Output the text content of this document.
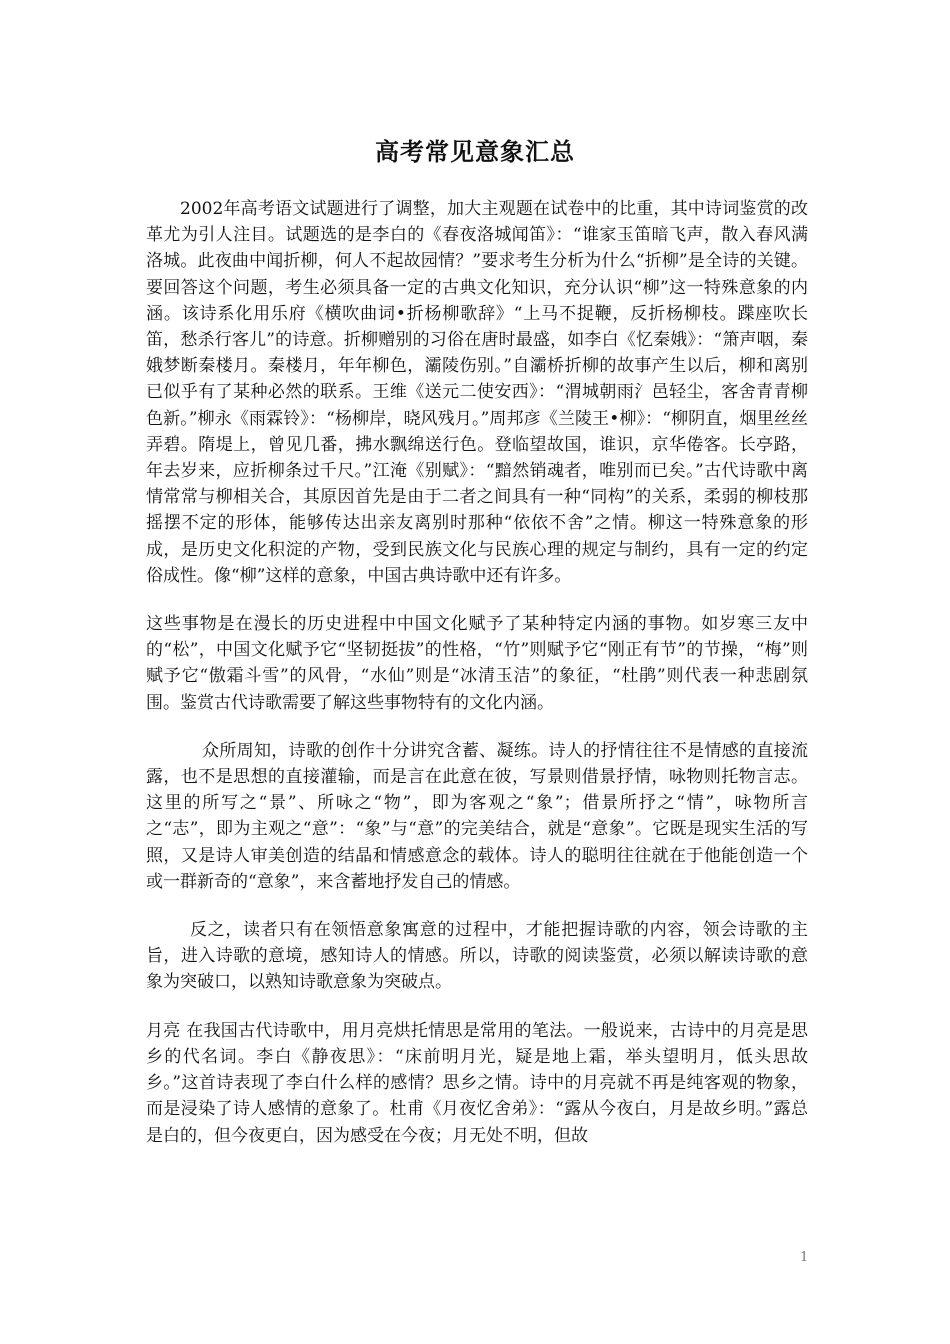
高考常见意象汇总

2002年高考语文试题进行了调整，加大主观题在试卷中的比重，其中诗词鉴赏的改革尤为引人注目。试题选的是李白的《春夜洛城闻笛》：“谁家玉笛暗飞声，散入春风满洛城。此夜曲中闻折柳，何人不起故园情？”要求考生分析为什么“折柳”是全诗的关键。要回答这个问题，考生必须具备一定的古典文化知识，充分认识“柳”这一特殊意象的内涵。该诗系化用乐府《横吹曲词•折杨柳歌辞》“上马不捉鞭，反折杨柳枝。蹀座吹长笛，愁杀行客儿”的诗意。折柳赠别的习俗在唐时最盛，如李白《忆秦娥》：“箫声咽，秦娥梦断秦楼月。秦楼月，年年柳色，灞陵伤别。”自灞桥折柳的故事产生以后，柳和离别已似乎有了某种必然的联系。王维《送元二使安西》：“渭城朝雨氵邑轻尘，客舍青青柳色新。”柳永《雨霖铃》：“杨柳岸，晓风残月。”周邦彦《兰陵王•柳》：“柳阴直，烟里丝丝弄碧。隋堤上，曾见几番，拂水飘绵送行色。登临望故国，谁识，京华倦客。长亭路，年去岁来，应折柳条过千尺。”江淹《别赋》：“黯然销魂者，唯别而已矣。”古代诗歌中离情常常与柳相关合，其原因首先是由于二者之间具有一种“同构”的关系，柔弱的柳枝那摇摆不定的形体，能够传达出亲友离别时那种“依依不舍”之情。柳这一特殊意象的形成，是历史文化积淀的产物，受到民族文化与民族心理的规定与制约，具有一定的约定俗成性。像“柳”这样的意象，中国古典诗歌中还有许多。

这些事物是在漫长的历史进程中中国文化赋予了某种特定内涵的事物。如岁寒三友中的“松”，中国文化赋予它“坚韧挺拔”的性格，“竹”则赋予它“刚正有节”的节操，“梅”则赋予它“傲霜斗雪”的风骨，“水仙”则是“冰清玉洁”的象征，“杜鹃”则代表一种悲剧氛围。鉴赏古代诗歌需要了解这些事物特有的文化内涵。

众所周知，诗歌的创作十分讲究含蓄、凝练。诗人的抒情往往不是情感的直接流露，也不是思想的直接灌输，而是言在此意在彼，写景则借景抒情，咏物则托物言志。这里的所写之“景”、所咏之“物”，即为客观之“象”；借景所抒之“情”，咏物所言之“志”，即为主观之“意”：“象”与“意”的完美结合，就是“意象”。它既是现实生活的写照，又是诗人审美创造的结晶和情感意念的载体。诗人的聪明往往就在于他能创造一个或一群新奇的“意象”，来含蓄地抒发自己的情感。

反之，读者只有在领悟意象寓意的过程中，才能把握诗歌的内容，领会诗歌的主旨，进入诗歌的意境，感知诗人的情感。所以，诗歌的阅读鉴赏，必须以解读诗歌的意象为突破口，以熟知诗歌意象为突破点。

月亮 在我国古代诗歌中，用月亮烘托情思是常用的笔法。一般说来，古诗中的月亮是思乡的代名词。李白《静夜思》：“床前明月光，疑是地上霜，举头望明月，低头思故乡。”这首诗表现了李白什么样的感情？思乡之情。诗中的月亮就不再是纯客观的物象，而是浸染了诗人感情的意象了。杜甫《月夜忆舍弟》：“露从今夜白，月是故乡明。”露总是白的，但今夜更白，因为感受在今夜；月无处不明，但故

1
